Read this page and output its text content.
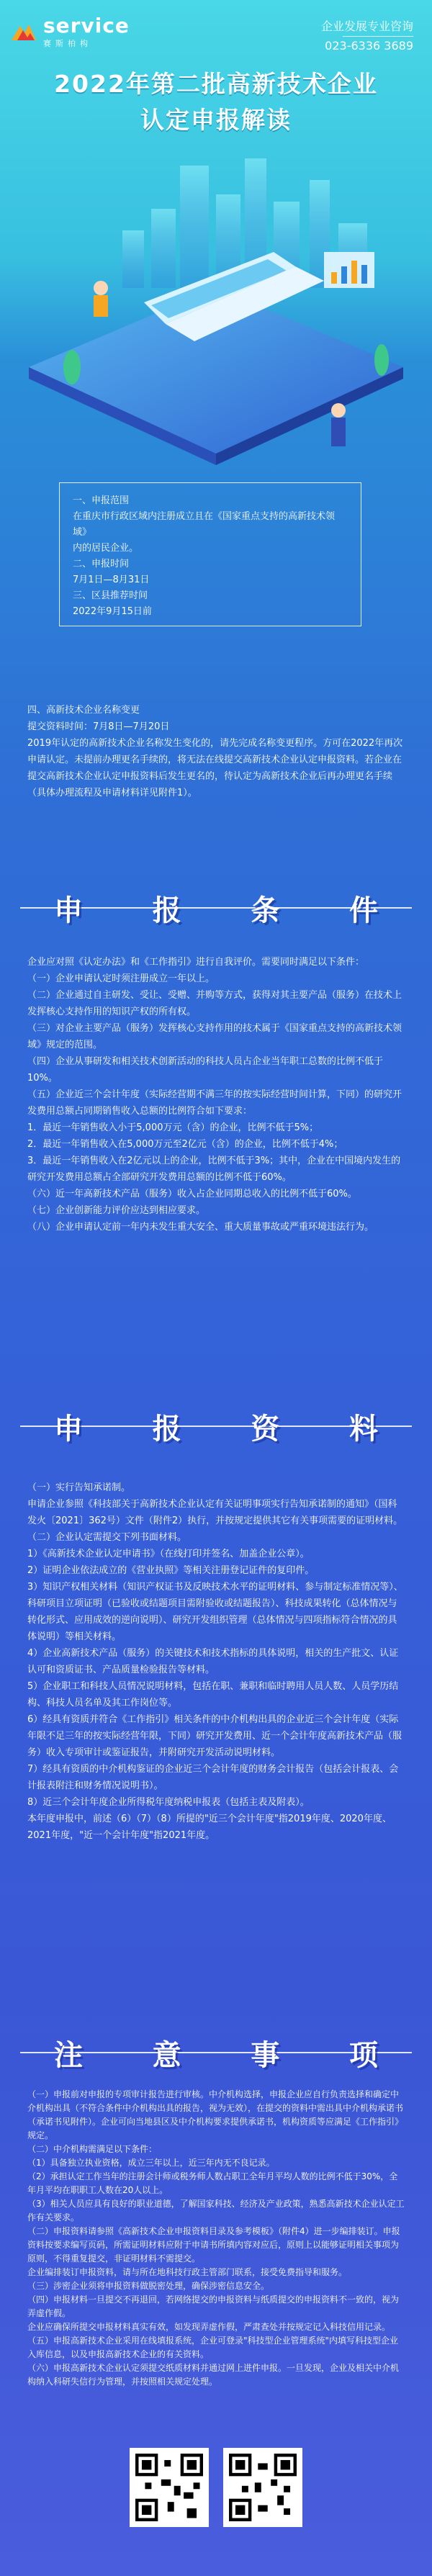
service
赛斯柏构
企业发展专业咨询
023-6336 3689
2022年第二批高新技术企业
认定申报解读
一、申报范围
在重庆市行政区域内注册成立且在《国家重点支持的高新技术领域》
内的居民企业。
二、申报时间
7月1日—8月31日
三、区县推荐时间
2022年9月15日前

四、高新技术企业名称变更

提交资料时间：7月8日—7月20日

2019年认定的高新技术企业名称发生变化的，请先完成名称变更程序。方可在2022年再次申请认定。未提前办理更名手续的，将无法在线提交高新技术企业认定申报资料。若企业在提交高新技术企业认定申报资料后发生更名的，待认定为高新技术企业后再办理更名手续（具体办理流程及申请材料详见附件1）。

申	报	条	件

企业应对照《认定办法》和《工作指引》进行自我评价。需要同时满足以下条件：

（一）企业申请认定时须注册成立一年以上。

（二）企业通过自主研发、受让、受赠、并购等方式，获得对其主要产品（服务）在技术上发挥核心支持作用的知识产权的所有权。

（三）对企业主要产品（服务）发挥核心支持作用的技术属于《国家重点支持的高新技术领域》规定的范围。

（四）企业从事研发和相关技术创新活动的科技人员占企业当年职工总数的比例不低于10%。

（五）企业近三个会计年度（实际经营期不满三年的按实际经营时间计算，下同）的研究开发费用总额占同期销售收入总额的比例符合如下要求：

1．最近一年销售收入小于5,000万元（含）的企业，比例不低于5%；

2．最近一年销售收入在5,000万元至2亿元（含）的企业，比例不低于4%；

3．最近一年销售收入在2亿元以上的企业，比例不低于3%；其中，企业在中国境内发生的研究开发费用总额占全部研究开发费用总额的比例不低于60%。

（六）近一年高新技术产品（服务）收入占企业同期总收入的比例不低于60%。

（七）企业创新能力评价应达到相应要求。

（八）企业申请认定前一年内未发生重大安全、重大质量事故或严重环境违法行为。

申	报	资	料

（一）实行告知承诺制。

申请企业参照《科技部关于高新技术企业认定有关证明事项实行告知承诺制的通知》（国科发火〔2021〕362号）文件（附件2）执行，并按规定提供其它有关事项需要的证明材料。

（二）企业认定需提交下列书面材料。

1）《高新技术企业认定申请书》（在线打印并签名、加盖企业公章）。

2）证明企业依法成立的《营业执照》等相关注册登记证件的复印件。

3）知识产权相关材料（知识产权证书及反映技术水平的证明材料、参与制定标准情况等）、科研项目立项证明（已验收或结题项目需附验收或结题报告）、科技成果转化（总体情况与转化形式、应用成效的逆向说明）、研究开发组织管理（总体情况与四项指标符合情况的具体说明）等相关材料。

4）企业高新技术产品（服务）的关键技术和技术指标的具体说明，相关的生产批文、认证认可和资质证书、产品质量检验报告等材料。

5）企业职工和科技人员情况说明材料，包括在职、兼职和临时聘用人员人数、人员学历结构、科技人员名单及其工作岗位等。

6）经具有资质并符合《工作指引》相关条件的中介机构出具的企业近三个会计年度（实际年限不足三年的按实际经营年限，下同）研究开发费用、近一个会计年度高新技术产品（服务）收入专项审计或鉴证报告，并附研究开发活动说明材料。

7）经具有资质的中介机构鉴证的企业近三个会计年度的财务会计报告（包括会计报表、会计报表附注和财务情况说明书）。

8）近三个会计年度企业所得税年度纳税申报表（包括主表及附表）。

本年度申报中，前述（6）（7）（8）所提的"近三个会计年度"指2019年度、2020年度、2021年度，"近一个会计年度"指2021年度。

注	意	事	项

（一）申报前对申报的专项审计报告进行审核。中介机构选择，申报企业应自行负责选择和确定中介机构出具（不符合条件中介机构出具的报告，视为无效），在提交的资料中需出具中介机构承诺书（承诺书见附件）。企业可向当地县区及中介机构要求提供承诺书，机构资质等应满足《工作指引》规定。

（二）中介机构需满足以下条件：

（1）具备独立执业资格，成立三年以上，近三年内无不良记录。

（2）承担认定工作当年的注册会计师或税务师人数占职工全年月平均人数的比例不低于30%，全年月平均在职职工人数在20人以上。

（3）相关人员应具有良好的职业道德，了解国家科技、经济及产业政策，熟悉高新技术企业认定工作有关要求。

（二）申报资料请参照《高新技术企业申报资料目录及参考模板》（附件4）进一步编排装订。申报资料按要求编写页码，所需证明材料应附于申请书所填内容对应后，原则上以能够证明相关事项为原则，不得重复提交，非证明材料不需提交。

企业编排装订申报资料，请与所在地科技行政主管部门联系，接受免费指导和服务。

（三）涉密企业须将申报资料做脱密处理，确保涉密信息安全。

（四）申报材料一旦提交不再退回，若网络提交的申报资料与纸质提交的申报资料不一致的，视为弄虚作假。

企业应确保所提交申报材料真实有效，如发现弄虚作假，严肃查处并按规定记入科技信用记录。

（五）申报高新技术企业采用在线填报系统，企业可登录"科技型企业管理系统"内填写科技型企业入库信息，以及申报高新技术企业的有关资料。

（六）申报高新技术企业认定须提交纸质材料并通过网上进件申报。一旦发现，企业及相关中介机构纳入科研失信行为管理，并按照相关规定处理。
